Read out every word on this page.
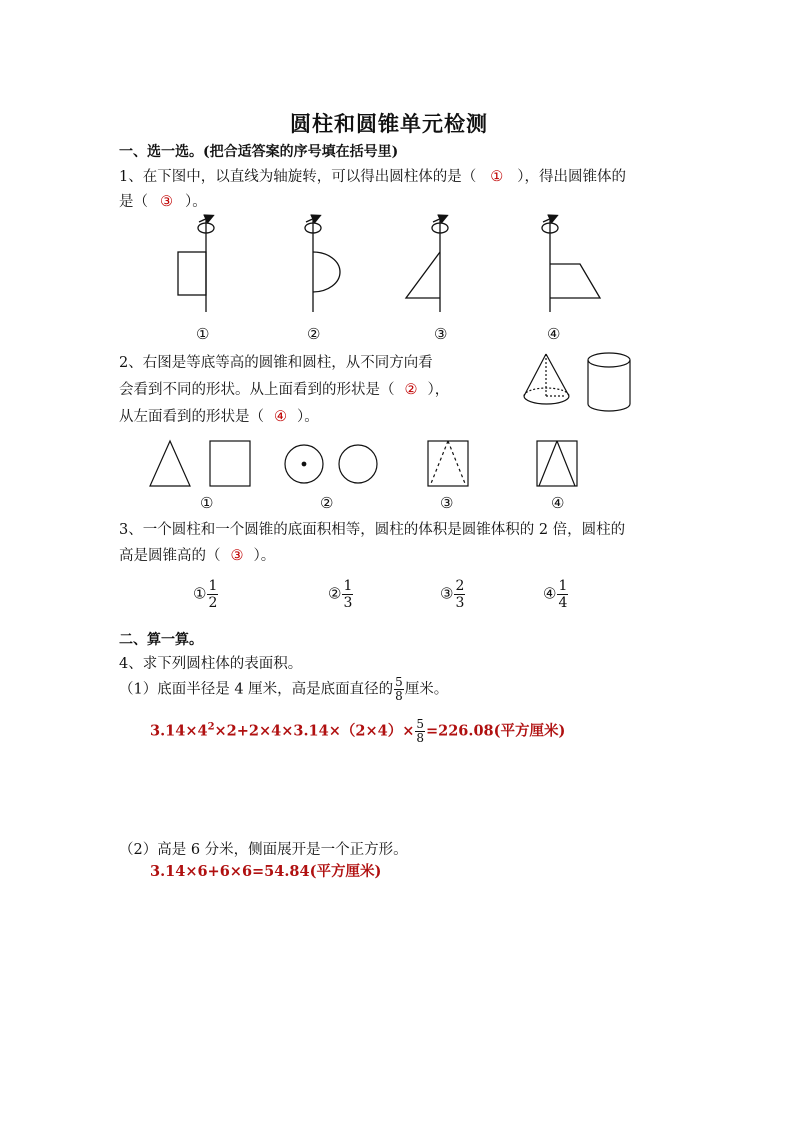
圆柱和圆锥单元检测
一、选一选。(把合适答案的序号填在括号里)
1、在下图中，以直线为轴旋转，可以得出圆柱体的是（ ① ），得出圆锥体的
是（ ③ ）。
①	②	③	④
2、右图是等底等高的圆锥和圆柱，从不同方向看
会看到不同的形状。从上面看到的形状是（ ② ），
从左面看到的形状是（ ④ ）。
①	②	③	④
3、一个圆柱和一个圆锥的底面积相等，圆柱的体积是圆锥体积的 2 倍，圆柱的
高是圆锥高的（ ③ ）。
① $\frac{1}{2}$	② $\frac{1}{3}$	③ $\frac{2}{3}$	④ $\frac{1}{4}$
二、算一算。
4、求下列圆柱体的表面积。
（1）底面半径是 4 厘米，高是底面直径的 $\frac{5}{8}$ 厘米。
$3.14\times 4^2\times 2+2\times 4\times 3.14\times(2\times 4)\times \frac{5}{8} =226.08$(平方厘米)
（2）高是 6 分米，侧面展开是一个正方形。
3.14×6+6×6=54.84(平方厘米)
